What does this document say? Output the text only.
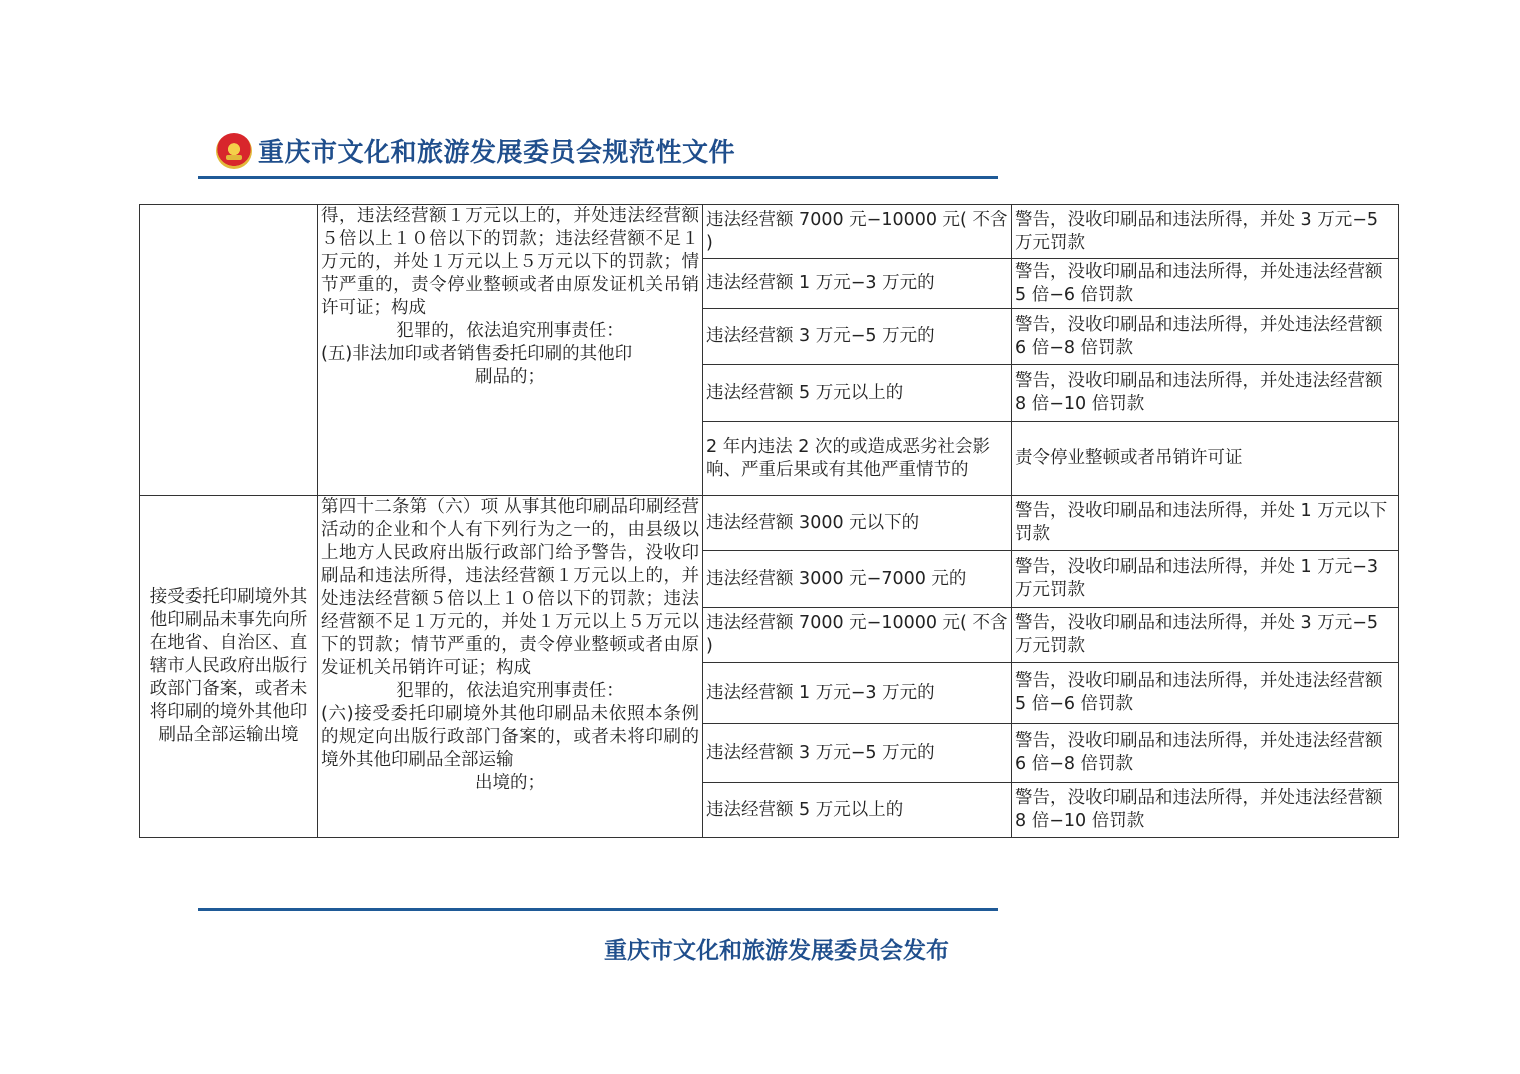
重庆市文化和旅游发展委员会规范性文件

	得，违法经营额１万元以上的，并处违法经营额５倍以上１０倍以下的罚款；违法经营额不足１万元的，并处１万元以上５万元以下的罚款；情节严重的，责令停业整顿或者由原发证机关吊销许可证；构成
犯罪的，依法追究刑事责任：
(五)非法加印或者销售委托印刷的其他印
刷品的；	违法经营额 7000 元−10000 元( 不含 )	警告，没收印刷品和违法所得，并处 3 万元−5 万元罚款
		违法经营额 1 万元−3 万元的	警告，没收印刷品和违法所得，并处违法经营额 5 倍−6 倍罚款
		违法经营额 3 万元−5 万元的	警告，没收印刷品和违法所得，并处违法经营额 6 倍−8 倍罚款
		违法经营额 5 万元以上的	警告，没收印刷品和违法所得，并处违法经营额 8 倍−10 倍罚款
		2 年内违法 2 次的或造成恶劣社会影响、严重后果或有其他严重情节的	责令停业整顿或者吊销许可证
接受委托印刷境外其他印刷品未事先向所在地省、自治区、直辖市人民政府出版行政部门备案，或者未将印刷的境外其他印刷品全部运输出境	第四十二条第（六）项 从事其他印刷品印刷经营活动的企业和个人有下列行为之一的，由县级以上地方人民政府出版行政部门给予警告，没收印刷品和违法所得，违法经营额１万元以上的，并处违法经营额５倍以上１０倍以下的罚款；违法经营额不足１万元的，并处１万元以上５万元以下的罚款；情节严重的，责令停业整顿或者由原发证机关吊销许可证；构成
犯罪的，依法追究刑事责任：
(六)接受委托印刷境外其他印刷品未依照本条例的规定向出版行政部门备案的，或者未将印刷的境外其他印刷品全部运输
出境的；	违法经营额 3000 元以下的	警告，没收印刷品和违法所得，并处 1 万元以下罚款
		违法经营额 3000 元−7000 元的	警告，没收印刷品和违法所得，并处 1 万元−3 万元罚款
		违法经营额 7000 元−10000 元( 不含 )	警告，没收印刷品和违法所得，并处 3 万元−5 万元罚款
		违法经营额 1 万元−3 万元的	警告，没收印刷品和违法所得，并处违法经营额 5 倍−6 倍罚款
		违法经营额 3 万元−5 万元的	警告，没收印刷品和违法所得，并处违法经营额 6 倍−8 倍罚款
		违法经营额 5 万元以上的	警告，没收印刷品和违法所得，并处违法经营额 8 倍−10 倍罚款
重庆市文化和旅游发展委员会发布
